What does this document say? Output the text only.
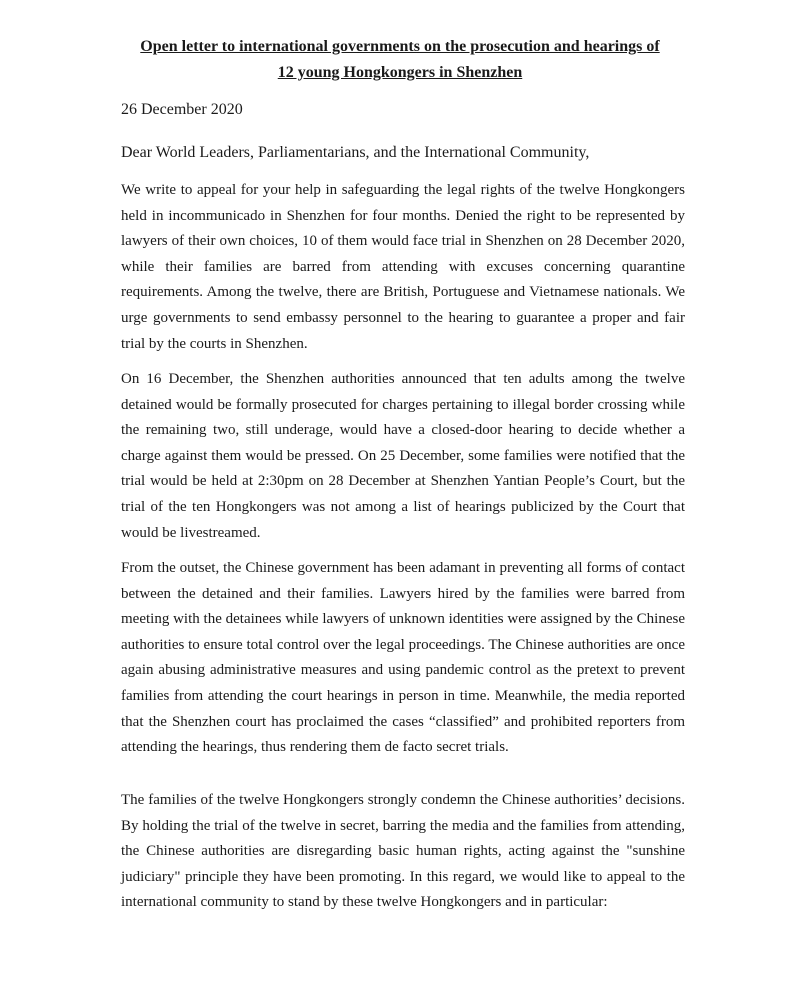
Open letter to international governments on the prosecution and hearings of

12 young Hongkongers in Shenzhen

26 December 2020

Dear World Leaders, Parliamentarians, and the International Community,

We write to appeal for your help in safeguarding the legal rights of the twelve Hongkongers held in incommunicado in Shenzhen for four months. Denied the right to be represented by lawyers of their own choices, 10 of them would face trial in Shenzhen on 28 December 2020, while their families are barred from attending with excuses concerning quarantine requirements. Among the twelve, there are British, Portuguese and Vietnamese nationals. We urge governments to send embassy personnel to the hearing to guarantee a proper and fair trial by the courts in Shenzhen.

On 16 December, the Shenzhen authorities announced that ten adults among the twelve detained would be formally prosecuted for charges pertaining to illegal border crossing while the remaining two, still underage, would have a closed-door hearing to decide whether a charge against them would be pressed. On 25 December, some families were notified that the trial would be held at 2:30pm on 28 December at Shenzhen Yantian People’s Court, but the trial of the ten Hongkongers was not among a list of hearings publicized by the Court that would be livestreamed.

From the outset, the Chinese government has been adamant in preventing all forms of contact between the detained and their families. Lawyers hired by the families were barred from meeting with the detainees while lawyers of unknown identities were assigned by the Chinese authorities to ensure total control over the legal proceedings. The Chinese authorities are once again abusing administrative measures and using pandemic control as the pretext to prevent families from attending the court hearings in person in time. Meanwhile, the media reported that the Shenzhen court has proclaimed the cases “classified” and prohibited reporters from attending the hearings, thus rendering them de facto secret trials.

The families of the twelve Hongkongers strongly condemn the Chinese authorities’ decisions. By holding the trial of the twelve in secret, barring the media and the families from attending, the Chinese authorities are disregarding basic human rights, acting against the "sunshine judiciary" principle they have been promoting. In this regard, we would like to appeal to the international community to stand by these twelve Hongkongers and in particular:
